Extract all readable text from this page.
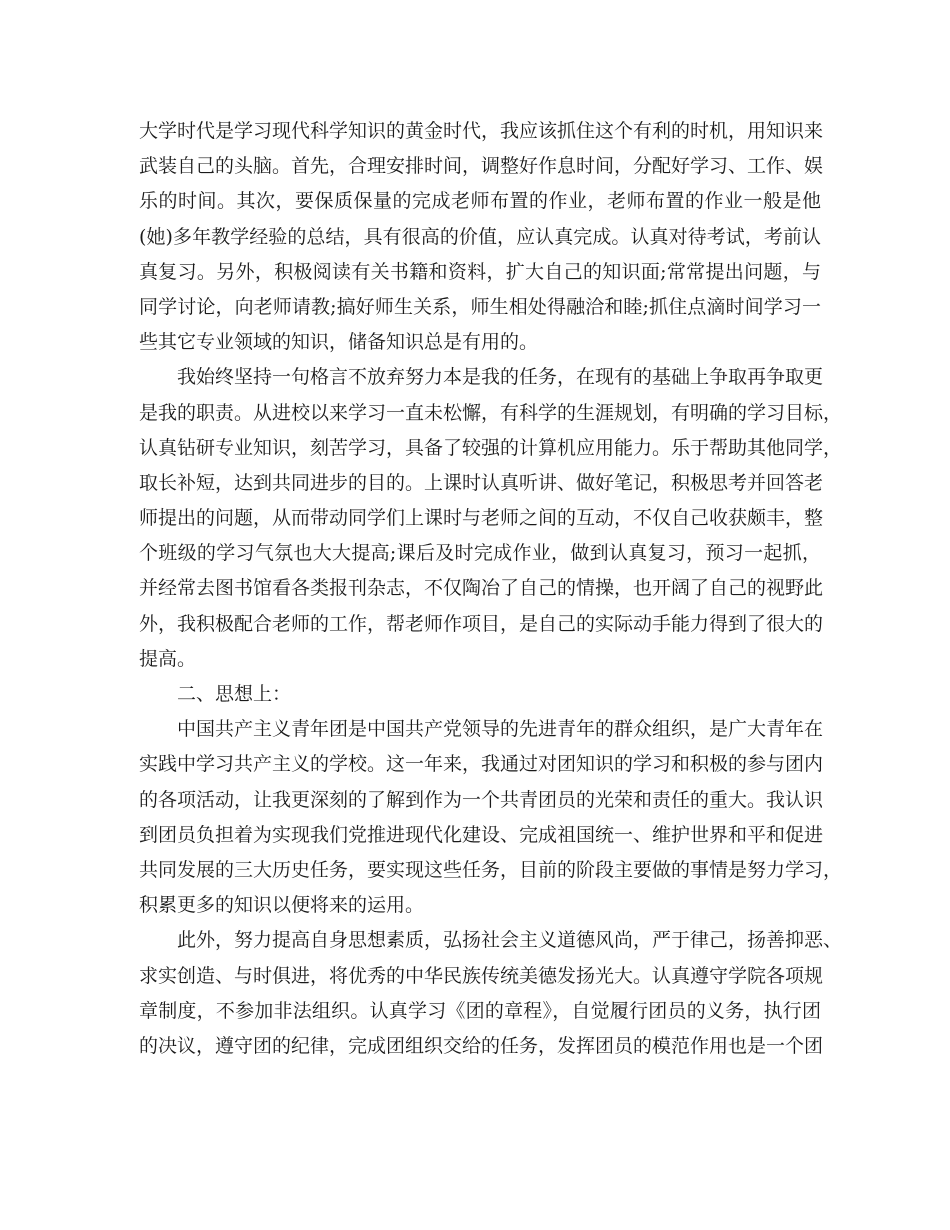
大学时代是学习现代科学知识的黄金时代，我应该抓住这个有利的时机，用知识来
武装自己的头脑。首先，合理安排时间，调整好作息时间，分配好学习、工作、娱
乐的时间。其次，要保质保量的完成老师布置的作业，老师布置的作业一般是他
(她)多年教学经验的总结，具有很高的价值，应认真完成。认真对待考试，考前认
真复习。另外，积极阅读有关书籍和资料，扩大自己的知识面;常常提出问题，与
同学讨论，向老师请教;搞好师生关系，师生相处得融洽和睦;抓住点滴时间学习一
些其它专业领域的知识，储备知识总是有用的。
我始终坚持一句格言不放弃努力本是我的任务，在现有的基础上争取再争取更
是我的职责。从进校以来学习一直未松懈，有科学的生涯规划，有明确的学习目标，
认真钻研专业知识，刻苦学习，具备了较强的计算机应用能力。乐于帮助其他同学，
取长补短，达到共同进步的目的。上课时认真听讲、做好笔记，积极思考并回答老
师提出的问题，从而带动同学们上课时与老师之间的互动，不仅自己收获颇丰，整
个班级的学习气氛也大大提高;课后及时完成作业，做到认真复习，预习一起抓，
并经常去图书馆看各类报刊杂志，不仅陶冶了自己的情操，也开阔了自己的视野此
外，我积极配合老师的工作，帮老师作项目，是自己的实际动手能力得到了很大的
提高。
二、思想上：
中国共产主义青年团是中国共产党领导的先进青年的群众组织，是广大青年在
实践中学习共产主义的学校。这一年来，我通过对团知识的学习和积极的参与团内
的各项活动，让我更深刻的了解到作为一个共青团员的光荣和责任的重大。我认识
到团员负担着为实现我们党推进现代化建设、完成祖国统一、维护世界和平和促进
共同发展的三大历史任务，要实现这些任务，目前的阶段主要做的事情是努力学习，
积累更多的知识以便将来的运用。
此外，努力提高自身思想素质，弘扬社会主义道德风尚，严于律己，扬善抑恶、
求实创造、与时俱进，将优秀的中华民族传统美德发扬光大。认真遵守学院各项规
章制度，不参加非法组织。认真学习《团的章程》，自觉履行团员的义务，执行团
的决议，遵守团的纪律，完成团组织交给的任务，发挥团员的模范作用也是一个团
